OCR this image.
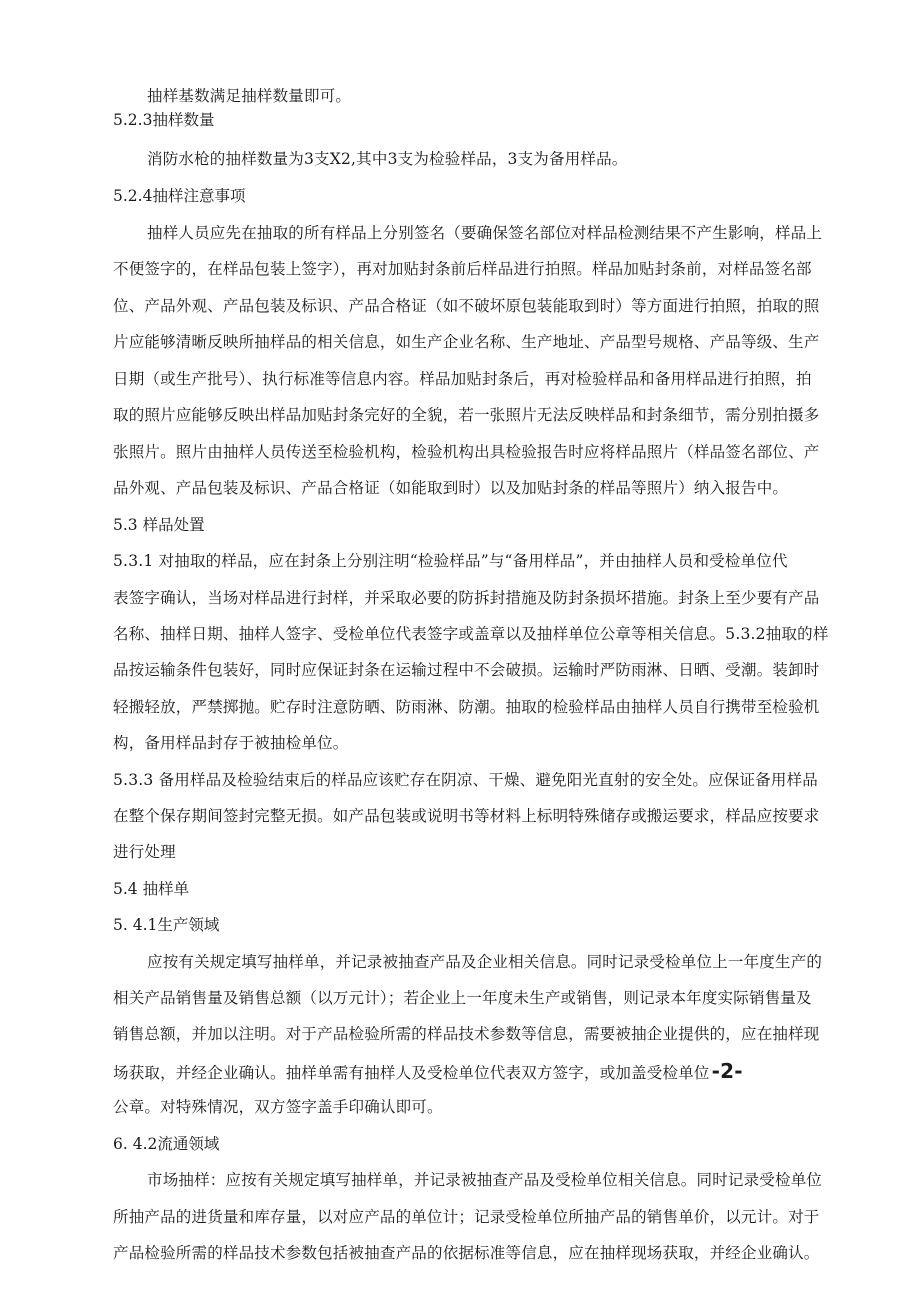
抽样基数满足抽样数量即可。
5.2.3抽样数量
消防水枪的抽样数量为3支X2,其中3支为检验样品，3支为备用样品。
5.2.4抽样注意事项
抽样人员应先在抽取的所有样品上分别签名（要确保签名部位对样品检测结果不产生影响，样品上
不便签字的，在样品包装上签字），再对加贴封条前后样品进行拍照。样品加贴封条前，对样品签名部
位、产品外观、产品包装及标识、产品合格证（如不破坏原包装能取到时）等方面进行拍照，拍取的照
片应能够清晰反映所抽样品的相关信息，如生产企业名称、生产地址、产品型号规格、产品等级、生产
日期（或生产批号）、执行标准等信息内容。样品加贴封条后，再对检验样品和备用样品进行拍照，拍
取的照片应能够反映出样品加贴封条完好的全貌，若一张照片无法反映样品和封条细节，需分别拍摄多
张照片。照片由抽样人员传送至检验机构，检验机构出具检验报告时应将样品照片（样品签名部位、产
品外观、产品包装及标识、产品合格证（如能取到时）以及加贴封条的样品等照片）纳入报告中。
5.3 样品处置
5.3.1 对抽取的样品，应在封条上分别注明“检验样品”与“备用样品”，并由抽样人员和受检单位代
表签字确认，当场对样品进行封样，并采取必要的防拆封措施及防封条损坏措施。封条上至少要有产品
名称、抽样日期、抽样人签字、受检单位代表签字或盖章以及抽样单位公章等相关信息。5.3.2抽取的样
品按运输条件包装好，同时应保证封条在运输过程中不会破损。运输时严防雨淋、日晒、受潮。装卸时
轻搬轻放，严禁掷抛。贮存时注意防晒、防雨淋、防潮。抽取的检验样品由抽样人员自行携带至检验机
构，备用样品封存于被抽检单位。
5.3.3 备用样品及检验结束后的样品应该贮存在阴凉、干燥、避免阳光直射的安全处。应保证备用样品
在整个保存期间签封完整无损。如产品包装或说明书等材料上标明特殊储存或搬运要求，样品应按要求
进行处理
5.4 抽样单
5. 4.1生产领域
应按有关规定填写抽样单，并记录被抽查产品及企业相关信息。同时记录受检单位上一年度生产的
相关产品销售量及销售总额（以万元计）；若企业上一年度未生产或销售，则记录本年度实际销售量及
销售总额，并加以注明。对于产品检验所需的样品技术参数等信息，需要被抽企业提供的，应在抽样现
场获取，并经企业确认。抽样单需有抽样人及受检单位代表双方签字，或加盖受检单位 -2-
公章。对特殊情况，双方签字盖手印确认即可。
6. 4.2流通领域
市场抽样：应按有关规定填写抽样单，并记录被抽查产品及受检单位相关信息。同时记录受检单位
所抽产品的进货量和库存量，以对应产品的单位计；记录受检单位所抽产品的销售单价，以元计。对于
产品检验所需的样品技术参数包括被抽查产品的依据标准等信息，应在抽样现场获取，并经企业确认。
